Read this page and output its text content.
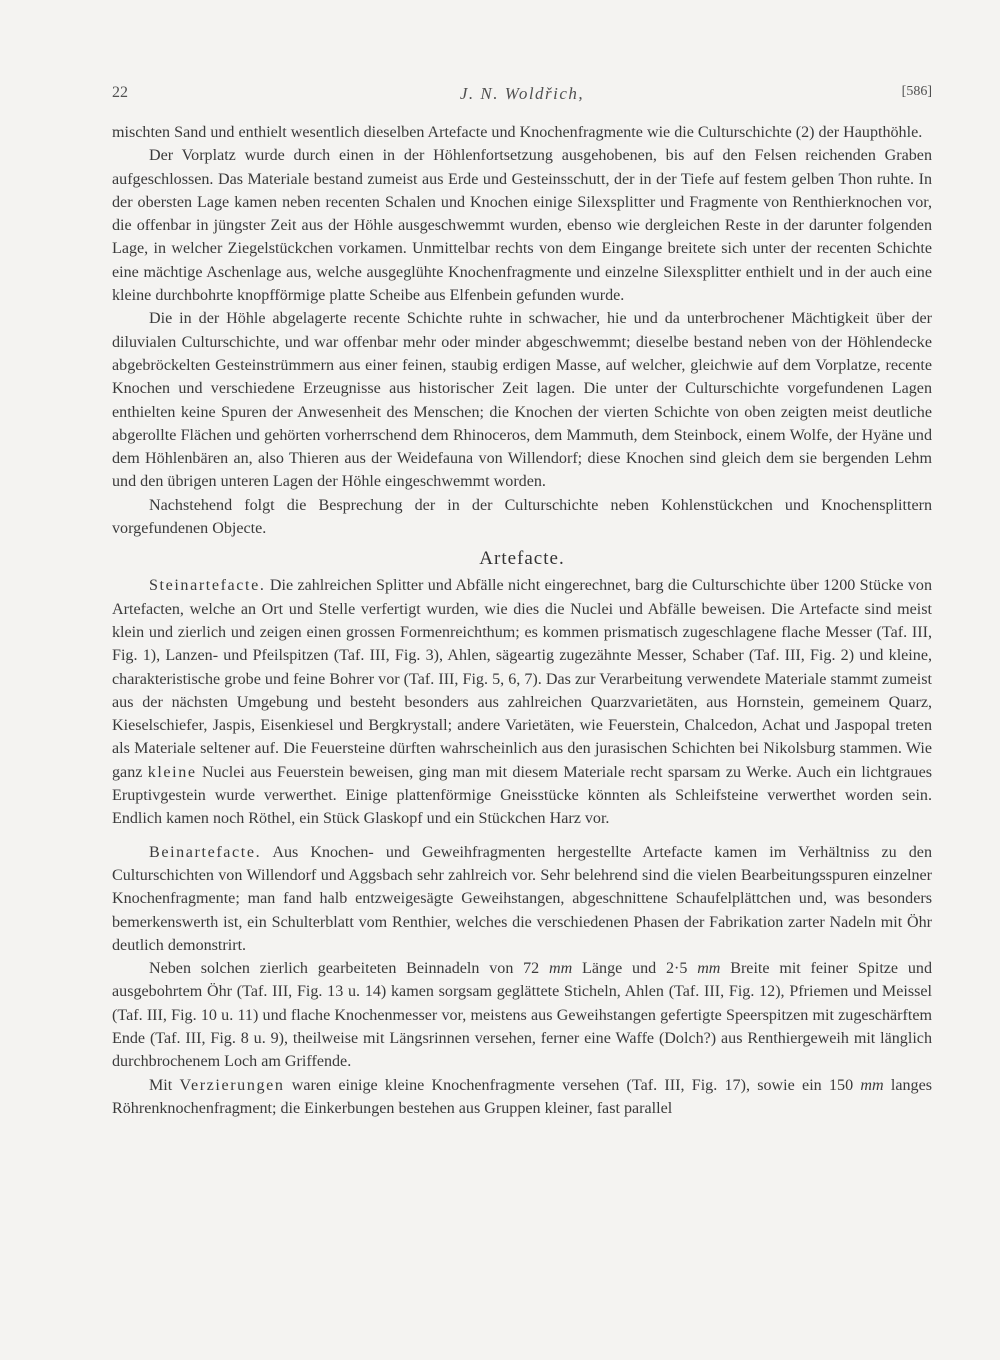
22	J. N. Woldřich,	[586]

mischten Sand und enthielt wesentlich dieselben Artefacte und Knochenfragmente wie die Culturschichte (2) der Haupthöhle.

Der Vorplatz wurde durch einen in der Höhlenfortsetzung ausgehobenen, bis auf den Felsen reichenden Graben aufgeschlossen. Das Materiale bestand zumeist aus Erde und Gesteinsschutt, der in der Tiefe auf festem gelben Thon ruhte. In der obersten Lage kamen neben recenten Schalen und Knochen einige Silexsplitter und Fragmente von Renthierknochen vor, die offenbar in jüngster Zeit aus der Höhle ausgeschwemmt wurden, ebenso wie dergleichen Reste in der darunter folgenden Lage, in welcher Ziegelstückchen vorkamen. Unmittelbar rechts von dem Eingange breitete sich unter der recenten Schichte eine mächtige Aschenlage aus, welche ausgeglühte Knochenfragmente und einzelne Silexsplitter enthielt und in der auch eine kleine durchbohrte knopfförmige platte Scheibe aus Elfenbein gefunden wurde.

Die in der Höhle abgelagerte recente Schichte ruhte in schwacher, hie und da unterbrochener Mächtigkeit über der diluvialen Culturschichte, und war offenbar mehr oder minder abgeschwemmt; dieselbe bestand neben von der Höhlendecke abgebröckelten Gesteinstrümmern aus einer feinen, staubig erdigen Masse, auf welcher, gleichwie auf dem Vorplatze, recente Knochen und verschiedene Erzeugnisse aus historischer Zeit lagen. Die unter der Culturschichte vorgefundenen Lagen enthielten keine Spuren der Anwesenheit des Menschen; die Knochen der vierten Schichte von oben zeigten meist deutliche abgerollte Flächen und gehörten vorherrschend dem Rhinoceros, dem Mammuth, dem Steinbock, einem Wolfe, der Hyäne und dem Höhlenbären an, also Thieren aus der Weidefauna von Willendorf; diese Knochen sind gleich dem sie bergenden Lehm und den übrigen unteren Lagen der Höhle eingeschwemmt worden.

Nachstehend folgt die Besprechung der in der Culturschichte neben Kohlenstückchen und Knochensplittern vorgefundenen Objecte.

Artefacte.

Steinartefacte. Die zahlreichen Splitter und Abfälle nicht eingerechnet, barg die Culturschichte über 1200 Stücke von Artefacten, welche an Ort und Stelle verfertigt wurden, wie dies die Nuclei und Abfälle beweisen. Die Artefacte sind meist klein und zierlich und zeigen einen grossen Formenreichthum; es kommen prismatisch zugeschlagene flache Messer (Taf. III, Fig. 1), Lanzen- und Pfeilspitzen (Taf. III, Fig. 3), Ahlen, sägeartig zugezähnte Messer, Schaber (Taf. III, Fig. 2) und kleine, charakteristische grobe und feine Bohrer vor (Taf. III, Fig. 5, 6, 7). Das zur Verarbeitung verwendete Materiale stammt zumeist aus der nächsten Umgebung und besteht besonders aus zahlreichen Quarzvarietäten, aus Hornstein, gemeinem Quarz, Kieselschiefer, Jaspis, Eisenkiesel und Bergkrystall; andere Varietäten, wie Feuerstein, Chalcedon, Achat und Jaspopal treten als Materiale seltener auf. Die Feuersteine dürften wahrscheinlich aus den jurasischen Schichten bei Nikolsburg stammen. Wie ganz kleine Nuclei aus Feuerstein beweisen, ging man mit diesem Materiale recht sparsam zu Werke. Auch ein lichtgraues Eruptivgestein wurde verwerthet. Einige plattenförmige Gneisstücke könnten als Schleifsteine verwerthet worden sein. Endlich kamen noch Röthel, ein Stück Glaskopf und ein Stückchen Harz vor.

Beinartefacte. Aus Knochen- und Geweihfragmenten hergestellte Artefacte kamen im Verhältniss zu den Culturschichten von Willendorf und Aggsbach sehr zahlreich vor. Sehr belehrend sind die vielen Bearbeitungsspuren einzelner Knochenfragmente; man fand halb entzweigesägte Geweihstangen, abgeschnittene Schaufelplättchen und, was besonders bemerkenswerth ist, ein Schulterblatt vom Renthier, welches die verschiedenen Phasen der Fabrikation zarter Nadeln mit Öhr deutlich demonstrirt.

Neben solchen zierlich gearbeiteten Beinnadeln von 72 mm Länge und 2·5 mm Breite mit feiner Spitze und ausgebohrtem Öhr (Taf. III, Fig. 13 u. 14) kamen sorgsam geglättete Sticheln, Ahlen (Taf. III, Fig. 12), Pfriemen und Meissel (Taf. III, Fig. 10 u. 11) und flache Knochenmesser vor, meistens aus Geweihstangen gefertigte Speerspitzen mit zugeschärftem Ende (Taf. III, Fig. 8 u. 9), theilweise mit Längsrinnen versehen, ferner eine Waffe (Dolch?) aus Renthiergeweih mit länglich durchbrochenem Loch am Griffende.

Mit Verzierungen waren einige kleine Knochenfragmente versehen (Taf. III, Fig. 17), sowie ein 150 mm langes Röhrenknochenfragment; die Einkerbungen bestehen aus Gruppen kleiner, fast parallel
